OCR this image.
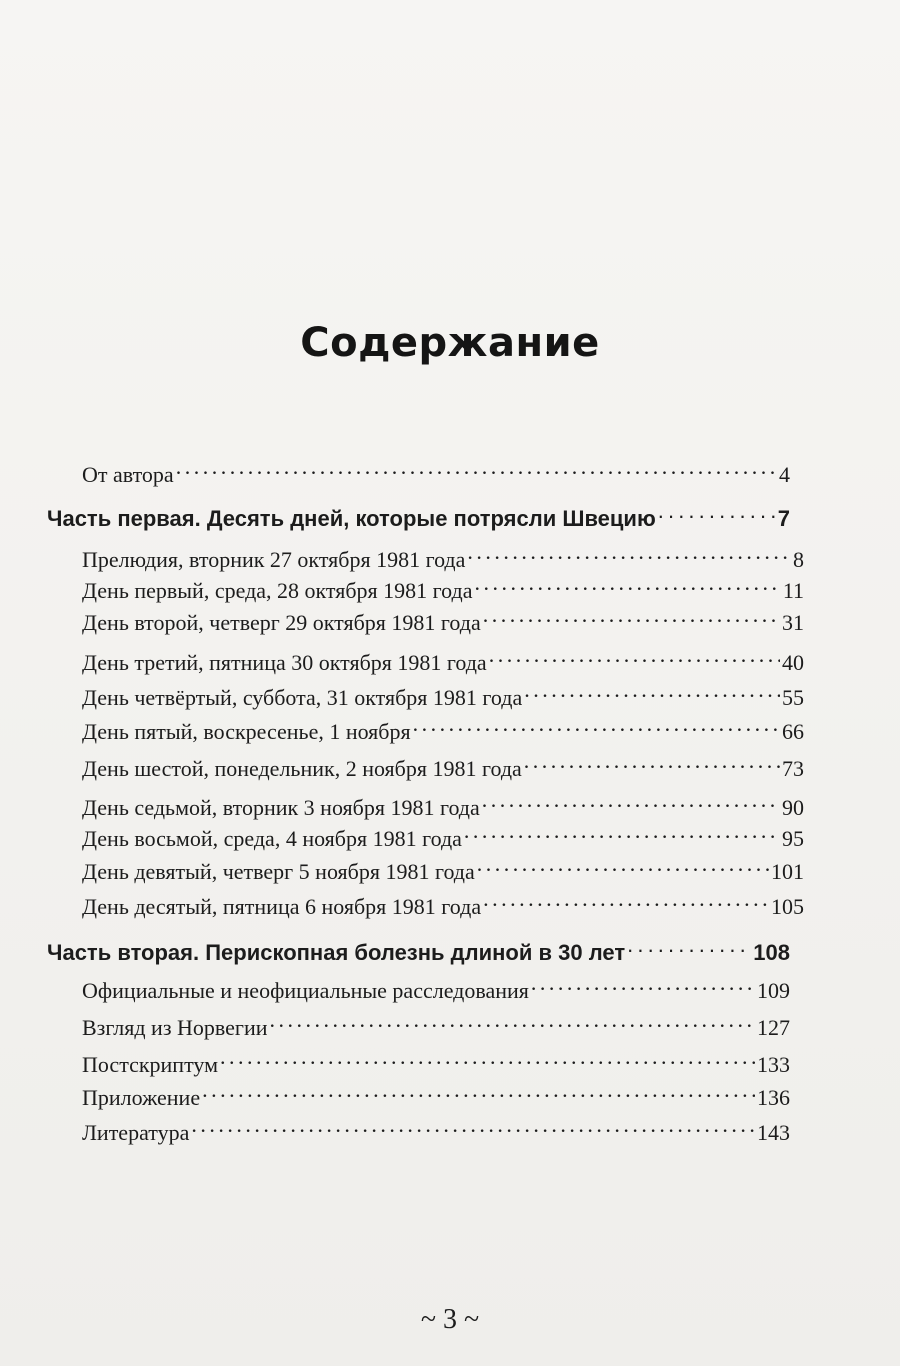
Содержание
От автора . . .	4
Часть первая. Десять дней, которые потрясли Швецию . . .	7
Прелюдия, вторник 27 октября 1981 года . . .	8
День первый, среда, 28 октября 1981 года . . .	11
День второй, четверг 29 октября 1981 года . . .	31
День третий, пятница 30 октября 1981 года . . .	40
День четвёртый, суббота, 31 октября 1981 года . . .	55
День пятый, воскресенье, 1 ноября . . .	66
День шестой, понедельник, 2 ноября 1981 года . . .	73
День седьмой, вторник 3 ноября 1981 года . . .	90
День восьмой, среда, 4 ноября 1981 года . . .	95
День девятый, четверг 5 ноября 1981 года . . .	101
День десятый, пятница 6 ноября 1981 года . . .	105
Часть вторая. Перископная болезнь длиной в 30 лет . . .	108
Официальные и неофициальные расследования . . .	109
Взгляд из Норвегии . . .	127
Постскриптум . . .	133
Приложение . . .	136
Литература . . .	143
~ 3 ~
